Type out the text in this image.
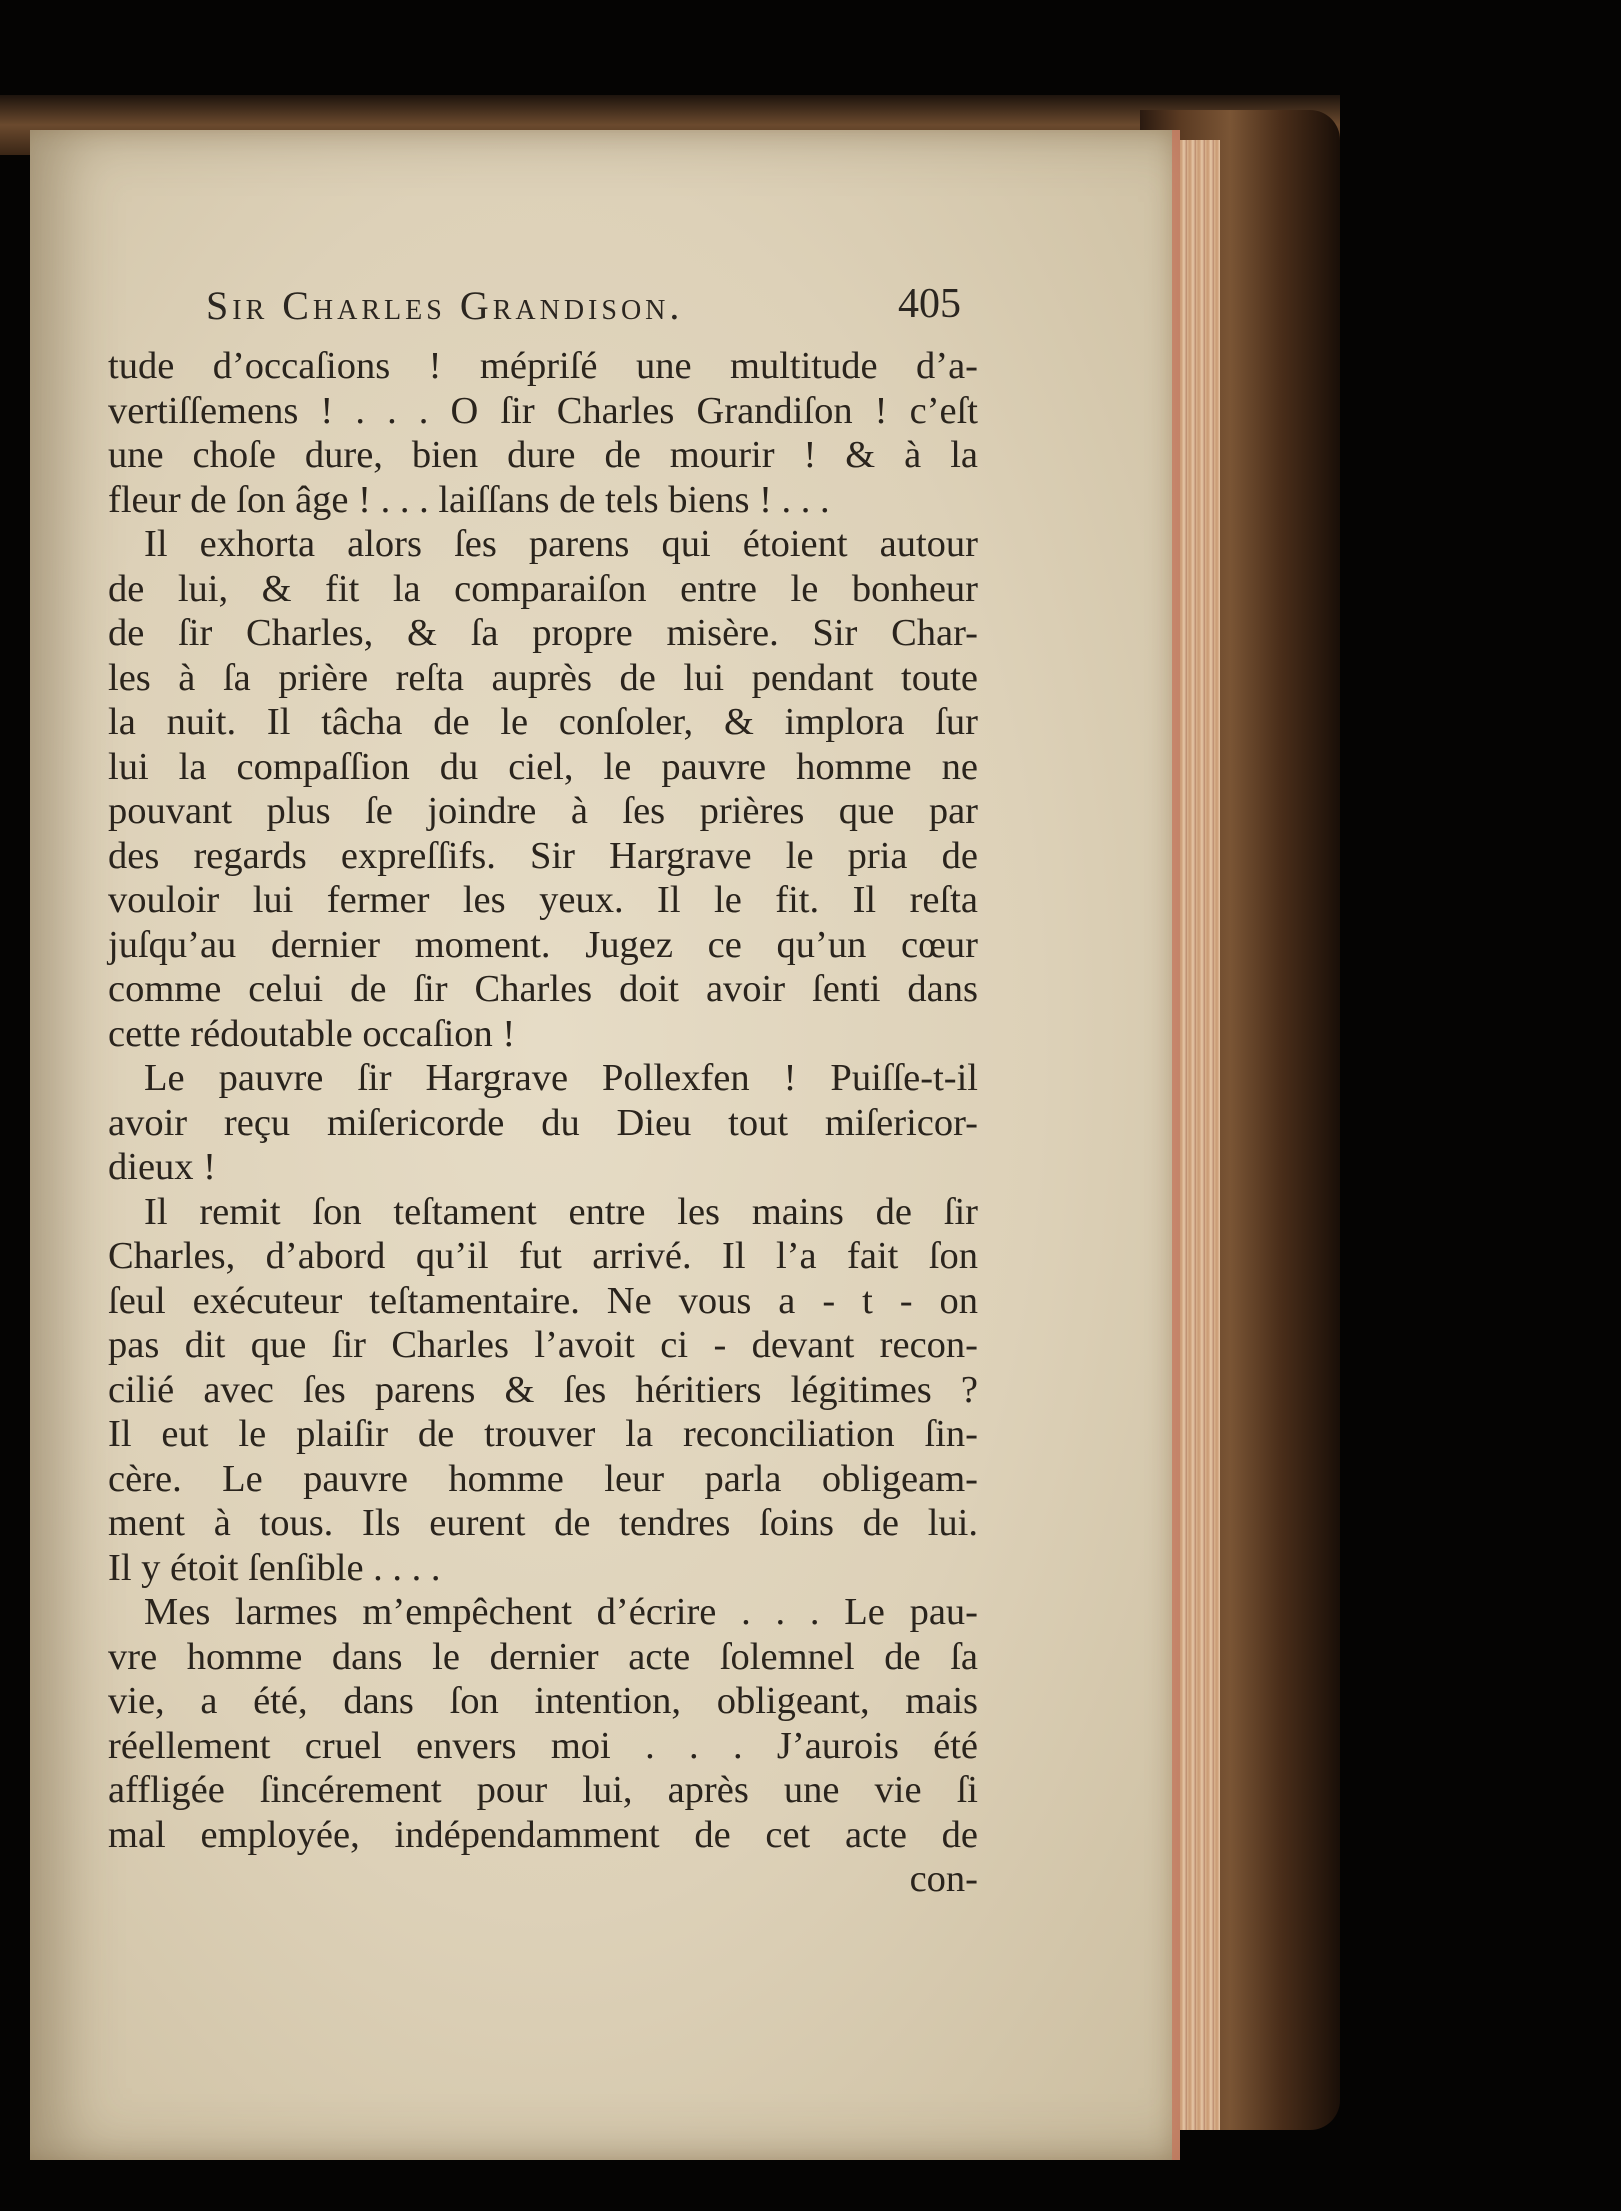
Sir Charles Grandison.	405
tude d’occaſions ! mépriſé une multitude d’a-
vertiſſemens ! . . . O ſir Charles Grandiſon ! c’eſt
une choſe dure, bien dure de mourir ! & à la
fleur de ſon âge ! . . . laiſſans de tels biens ! . . .
Il exhorta alors ſes parens qui étoient autour
de lui, & fit la comparaiſon entre le bonheur
de ſir Charles, & ſa propre misère. Sir Char-
les à ſa prière reſta auprès de lui pendant toute
la nuit. Il tâcha de le conſoler, & implora ſur
lui la compaſſion du ciel, le pauvre homme ne
pouvant plus ſe joindre à ſes prières que par
des regards expreſſifs. Sir Hargrave le pria de
vouloir lui fermer les yeux. Il le fit. Il reſta
juſqu’au dernier moment. Jugez ce qu’un cœur
comme celui de ſir Charles doit avoir ſenti dans
cette rédoutable occaſion !
Le pauvre ſir Hargrave Pollexfen ! Puiſſe-t-il
avoir reçu miſericorde du Dieu tout miſericor-
dieux !
Il remit ſon teſtament entre les mains de ſir
Charles, d’abord qu’il fut arrivé. Il l’a fait ſon
ſeul exécuteur teſtamentaire. Ne vous a - t - on
pas dit que ſir Charles l’avoit ci - devant recon-
cilié avec ſes parens & ſes héritiers légitimes ?
Il eut le plaiſir de trouver la reconciliation ſin-
cère. Le pauvre homme leur parla obligeam-
ment à tous. Ils eurent de tendres ſoins de lui.
Il y étoit ſenſible . . . .
Mes larmes m’empêchent d’écrire . . . Le pau-
vre homme dans le dernier acte ſolemnel de ſa
vie, a été, dans ſon intention, obligeant, mais
réellement cruel envers moi . . . J’aurois été
affligée ſincérement pour lui, après une vie ſi
mal employée, indépendamment de cet acte de
con-
